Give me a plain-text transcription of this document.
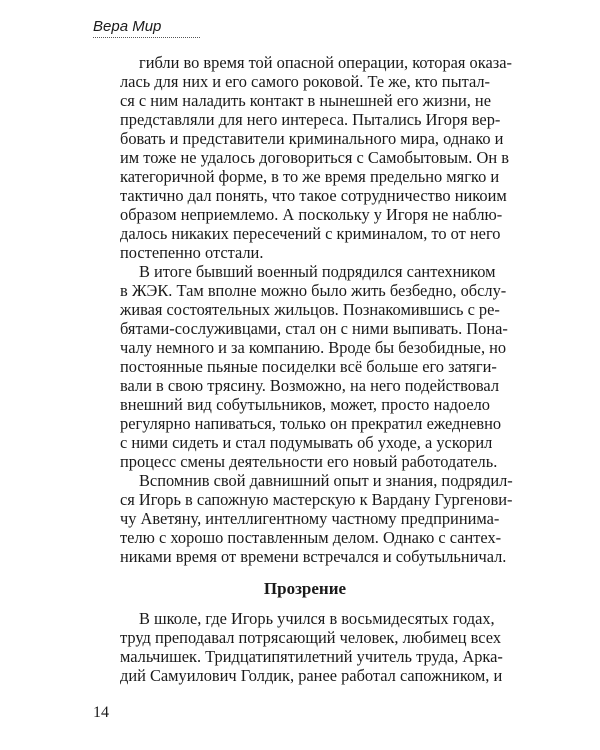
Вера Мир
гибли во время той опасной операции, которая оказа-
лась для них и его самого роковой. Те же, кто пытал-
ся с ним наладить контакт в нынешней его жизни, не
представляли для него интереса. Пытались Игоря вер-
бовать и представители криминального мира, однако и
им тоже не удалось договориться с Самобытовым. Он в
категоричной форме, в то же время предельно мягко и
тактично дал понять, что такое сотрудничество никоим
образом неприемлемо. А поскольку у Игоря не наблю-
далось никаких пересечений с криминалом, то от него
постепенно отстали.
В итоге бывший военный подрядился сантехником
в ЖЭК. Там вполне можно было жить безбедно, обслу-
живая состоятельных жильцов. Познакомившись с ре-
бятами-сослуживцами, стал он с ними выпивать. Пона-
чалу немного и за компанию. Вроде бы безобидные, но
постоянные пьяные посиделки всё больше его затяги-
вали в свою трясину. Возможно, на него подействовал
внешний вид собутыльников, может, просто надоело
регулярно напиваться, только он прекратил ежедневно
с ними сидеть и стал подумывать об уходе, а ускорил
процесс смены деятельности его новый работодатель.
Вспомнив свой давнишний опыт и знания, подрядил-
ся Игорь в сапожную мастерскую к Вардану Гургенови-
чу Аветяну, интеллигентному частному предпринима-
телю с хорошо поставленным делом. Однако с сантех-
никами время от времени встречался и собутыльничал.
Прозрение
В школе, где Игорь учился в восьмидесятых годах,
труд преподавал потрясающий человек, любимец всех
мальчишек. Тридцатипятилетний учитель труда, Арка-
дий Самуилович Голдик, ранее работал сапожником, и
14
